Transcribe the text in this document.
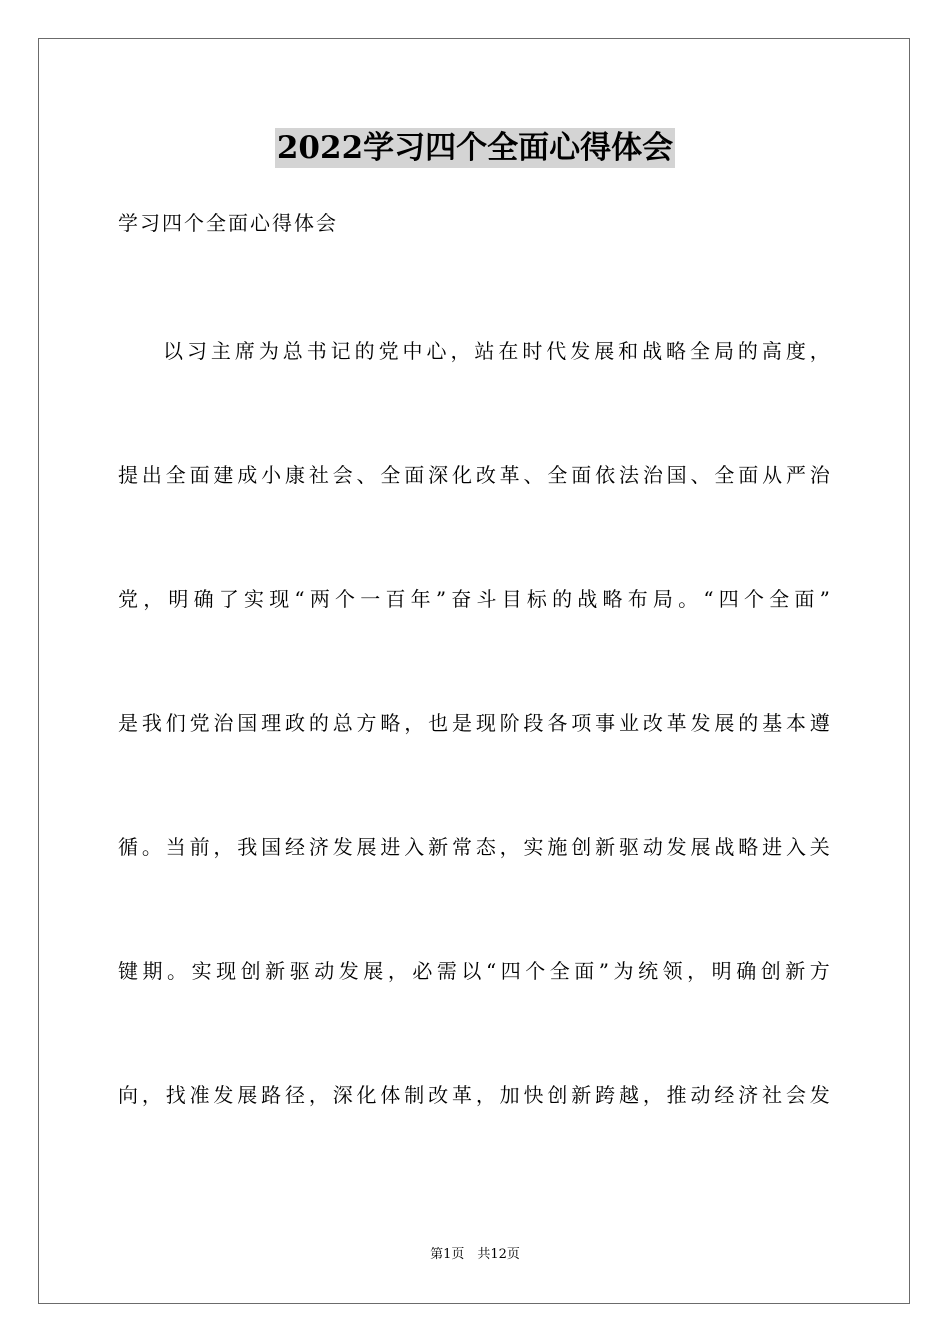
2022学习四个全面心得体会
学习四个全面心得体会
以习主席为总书记的党中心，站在时代发展和战略全局的高度，
提出全面建成小康社会、全面深化改革、全面依法治国、全面从严治
党，明确了实现“两个一百年”奋斗目标的战略布局。“四个全面”
是我们党治国理政的总方略，也是现阶段各项事业改革发展的基本遵
循。当前，我国经济发展进入新常态，实施创新驱动发展战略进入关
键期。实现创新驱动发展，必需以“四个全面”为统领，明确创新方
向，找准发展路径，深化体制改革，加快创新跨越，推动经济社会发
第1页　共12页
